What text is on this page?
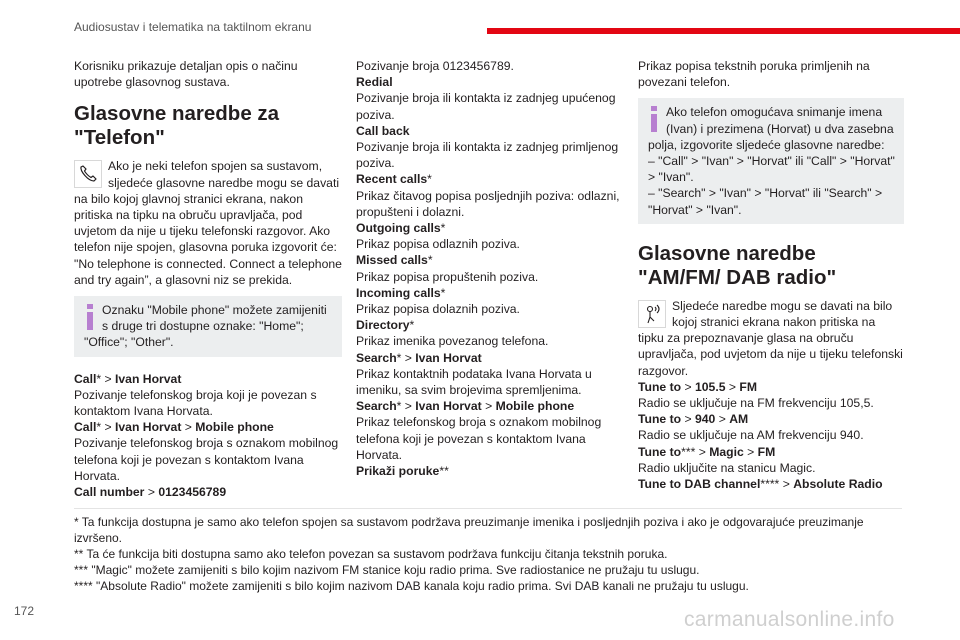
Audiosustav i telematika na taktilnom ekranu

Korisniku prikazuje detaljan opis o načinu upotrebe glasovnog sustava.

Glasovne naredbe za "Telefon"

Ako je neki telefon spojen sa sustavom, sljedeće glasovne naredbe mogu se davati na bilo kojoj glavnoj stranici ekrana, nakon pritiska na tipku na obruču upravljača, pod uvjetom da nije u tijeku telefonski razgovor. Ako telefon nije spojen, glasovna poruka izgovorit će: "No telephone is connected. Connect a telephone and try again”, a glasovni niz se prekida.

Oznaku "Mobile phone" možete zamijeniti s druge tri dostupne oznake: "Home"; "Office"; "Other".

Call* > Ivan Horvat

Pozivanje telefonskog broja koji je povezan s kontaktom Ivana Horvata.

Call* > Ivan Horvat > Mobile phone

Pozivanje telefonskog broja s oznakom mobilnog telefona koji je povezan s kontaktom Ivana Horvata.

Call number > 0123456789

Pozivanje broja 0123456789.

Redial

Pozivanje broja ili kontakta iz zadnjeg upućenog poziva.

Call back

Pozivanje broja ili kontakta iz zadnjeg primljenog poziva.

Recent calls*

Prikaz čitavog popisa posljednjih poziva: odlazni, propušteni i dolazni.

Outgoing calls*

Prikaz popisa odlaznih poziva.

Missed calls*

Prikaz popisa propuštenih poziva.

Incoming calls*

Prikaz popisa dolaznih poziva.

Directory*

Prikaz imenika povezanog telefona.

Search* > Ivan Horvat

Prikaz kontaktnih podataka Ivana Horvata u imeniku, sa svim brojevima spremljenima.

Search* > Ivan Horvat > Mobile phone

Prikaz telefonskog broja s oznakom mobilnog telefona koji je povezan s kontaktom Ivana Horvata.

Prikaži poruke**

Prikaz popisa tekstnih poruka primljenih na povezani telefon.

Ako telefon omogućava snimanje imena (Ivan) i prezimena (Horvat) u dva zasebna polja, izgovorite sljedeće glasovne naredbe:

– "Call" > "Ivan" > "Horvat" ili "Call" > "Horvat" > "Ivan".

– "Search" > "Ivan" > "Horvat" ili "Search" > "Horvat" > "Ivan".

Glasovne naredbe "AM/FM/ DAB radio"

Sljedeće naredbe mogu se davati na bilo kojoj stranici ekrana nakon pritiska na tipku za prepoznavanje glasa na obruču upravljača, pod uvjetom da nije u tijeku telefonski razgovor.

Tune to > 105.5 > FM

Radio se uključuje na FM frekvenciju 105,5.

Tune to > 940 > AM

Radio se uključuje na AM frekvenciju 940.

Tune to*** > Magic > FM

Radio uključite na stanicu Magic.

Tune to DAB channel**** > Absolute Radio

* Ta funkcija dostupna je samo ako telefon spojen sa sustavom podržava preuzimanje imenika i posljednjih poziva i ako je odgovarajuće preuzimanje izvršeno.

** Ta će funkcija biti dostupna samo ako telefon povezan sa sustavom podržava funkciju čitanja tekstnih poruka.

*** "Magic" možete zamijeniti s bilo kojim nazivom FM stanice koju radio prima. Sve radiostanice ne pružaju tu uslugu.

**** "Absolute Radio" možete zamijeniti s bilo kojim nazivom DAB kanala koju radio prima. Svi DAB kanali ne pružaju tu uslugu.

172	carmanualsonline.info
